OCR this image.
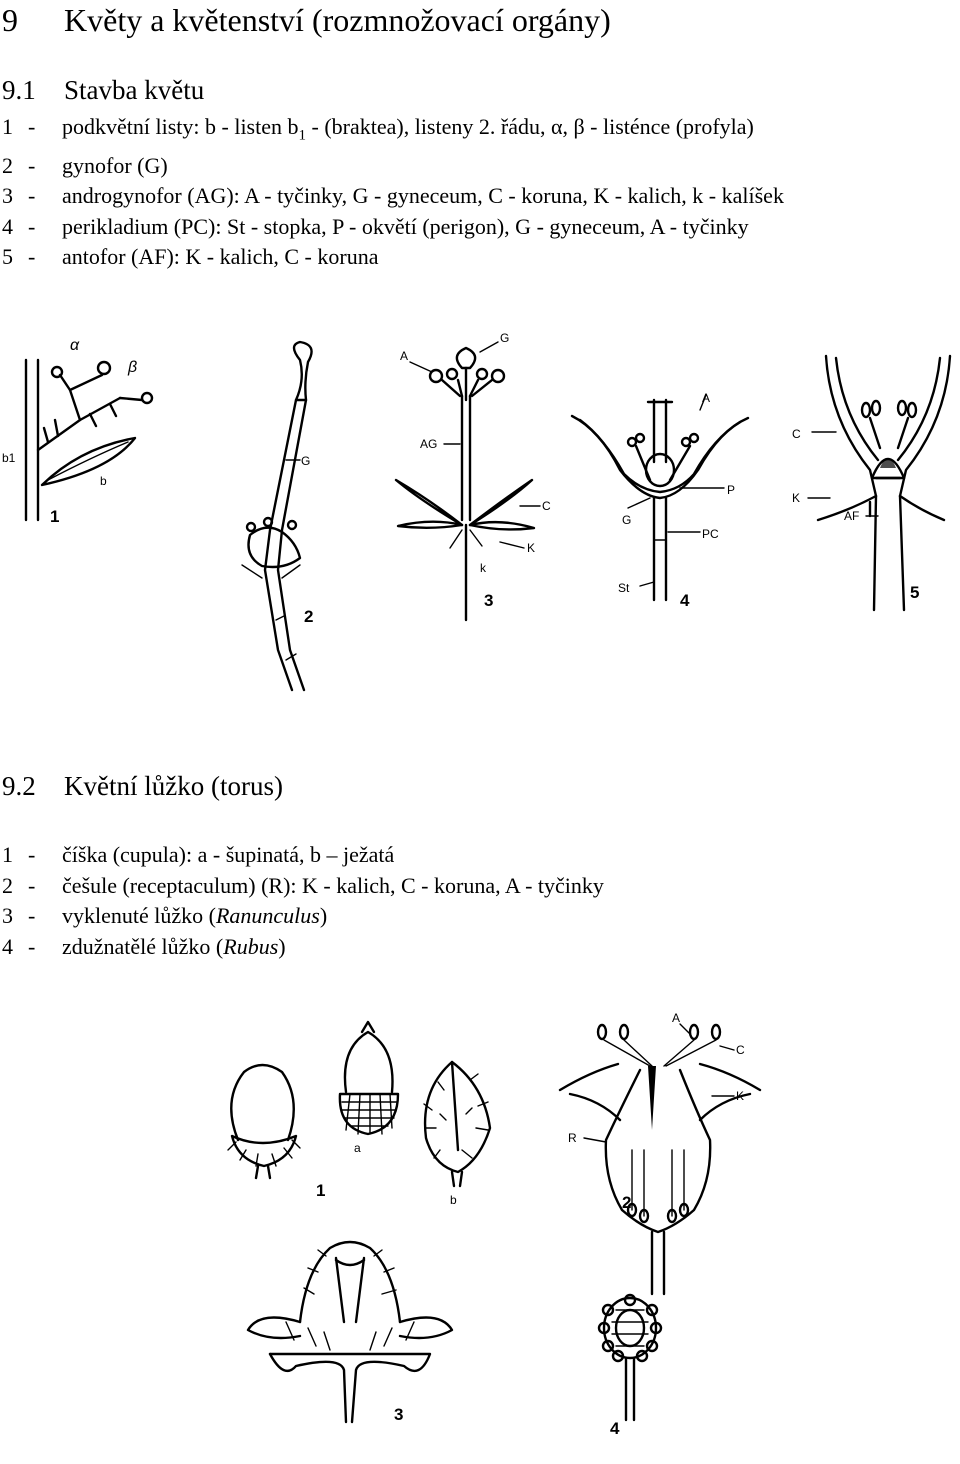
9 Květy a květenství (rozmnožovací orgány)
9.1 Stavba květu
1 - podkvětní listy: b - listen $b_1$ - (braktea), listeny 2. řádu, α, β - listénce (profyla)
2 - gynofor (G)
3 - androgynofor (AG): A - tyčinky, G - gyneceum, C - koruna, K - kalich, k - kalíšek
4 - perikladium (PC): St - stopka, P - okvětí (perigon), G - gyneceum, A - tyčinky
5 - antofor (AF): K - kalich, C - koruna
α
β
b1
b
1
G
2
A
G
AG
C
K
k
3
A
P
G
PC
St
4
C
K
AF
5
9.2 Květní lůžko (torus)
1 - číška (cupula): a - šupinatá, b – ježatá
2 - češule (receptaculum) (R): K - kalich, C - koruna, A - tyčinky
3 - vyklenuté lůžko (Ranunculus)
4 - zdužnatělé lůžko (Rubus)
a
b
1
A
C
K
R
2
3
4
